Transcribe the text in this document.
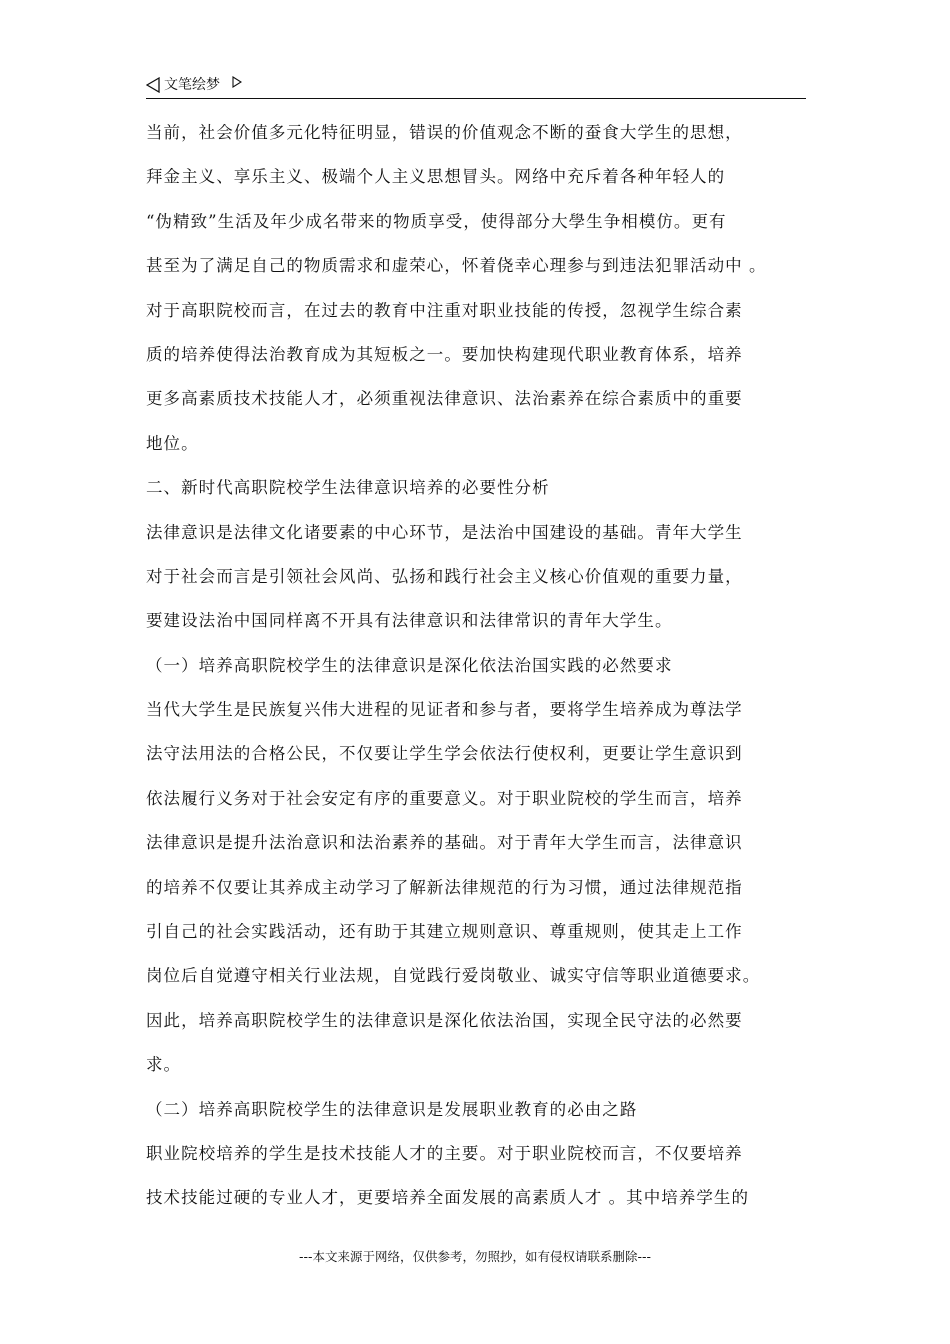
文笔绘梦
当前，社会价值多元化特征明显，错误的价值观念不断的蚕食大学生的思想，
拜金主义、享乐主义、极端个人主义思想冒头。网络中充斥着各种年轻人的
“伪精致”生活及年少成名带来的物质享受，使得部分大學生争相模仿。更有
甚至为了满足自己的物质需求和虚荣心，怀着侥幸心理参与到违法犯罪活动中 。
对于高职院校而言，在过去的教育中注重对职业技能的传授，忽视学生综合素
质的培养使得法治教育成为其短板之一。要加快构建现代职业教育体系，培养
更多高素质技术技能人才，必须重视法律意识、法治素养在综合素质中的重要
地位。
二、新时代高职院校学生法律意识培养的必要性分析
法律意识是法律文化诸要素的中心环节，是法治中国建设的基础。青年大学生
对于社会而言是引领社会风尚、弘扬和践行社会主义核心价值观的重要力量，
要建设法治中国同样离不开具有法律意识和法律常识的青年大学生。
（一）培养高职院校学生的法律意识是深化依法治国实践的必然要求
当代大学生是民族复兴伟大进程的见证者和参与者，要将学生培养成为尊法学
法守法用法的合格公民，不仅要让学生学会依法行使权利，更要让学生意识到
依法履行义务对于社会安定有序的重要意义。对于职业院校的学生而言，培养
法律意识是提升法治意识和法治素养的基础。对于青年大学生而言，法律意识
的培养不仅要让其养成主动学习了解新法律规范的行为习惯，通过法律规范指
引自己的社会实践活动，还有助于其建立规则意识、尊重规则，使其走上工作
岗位后自觉遵守相关行业法规，自觉践行爱岗敬业、诚实守信等职业道德要求。
因此，培养高职院校学生的法律意识是深化依法治国，实现全民守法的必然要
求。
（二）培养高职院校学生的法律意识是发展职业教育的必由之路
职业院校培养的学生是技术技能人才的主要。对于职业院校而言，不仅要培养
技术技能过硬的专业人才，更要培养全面发展的高素质人才 。其中培养学生的
---本文来源于网络，仅供参考，勿照抄，如有侵权请联系删除---
